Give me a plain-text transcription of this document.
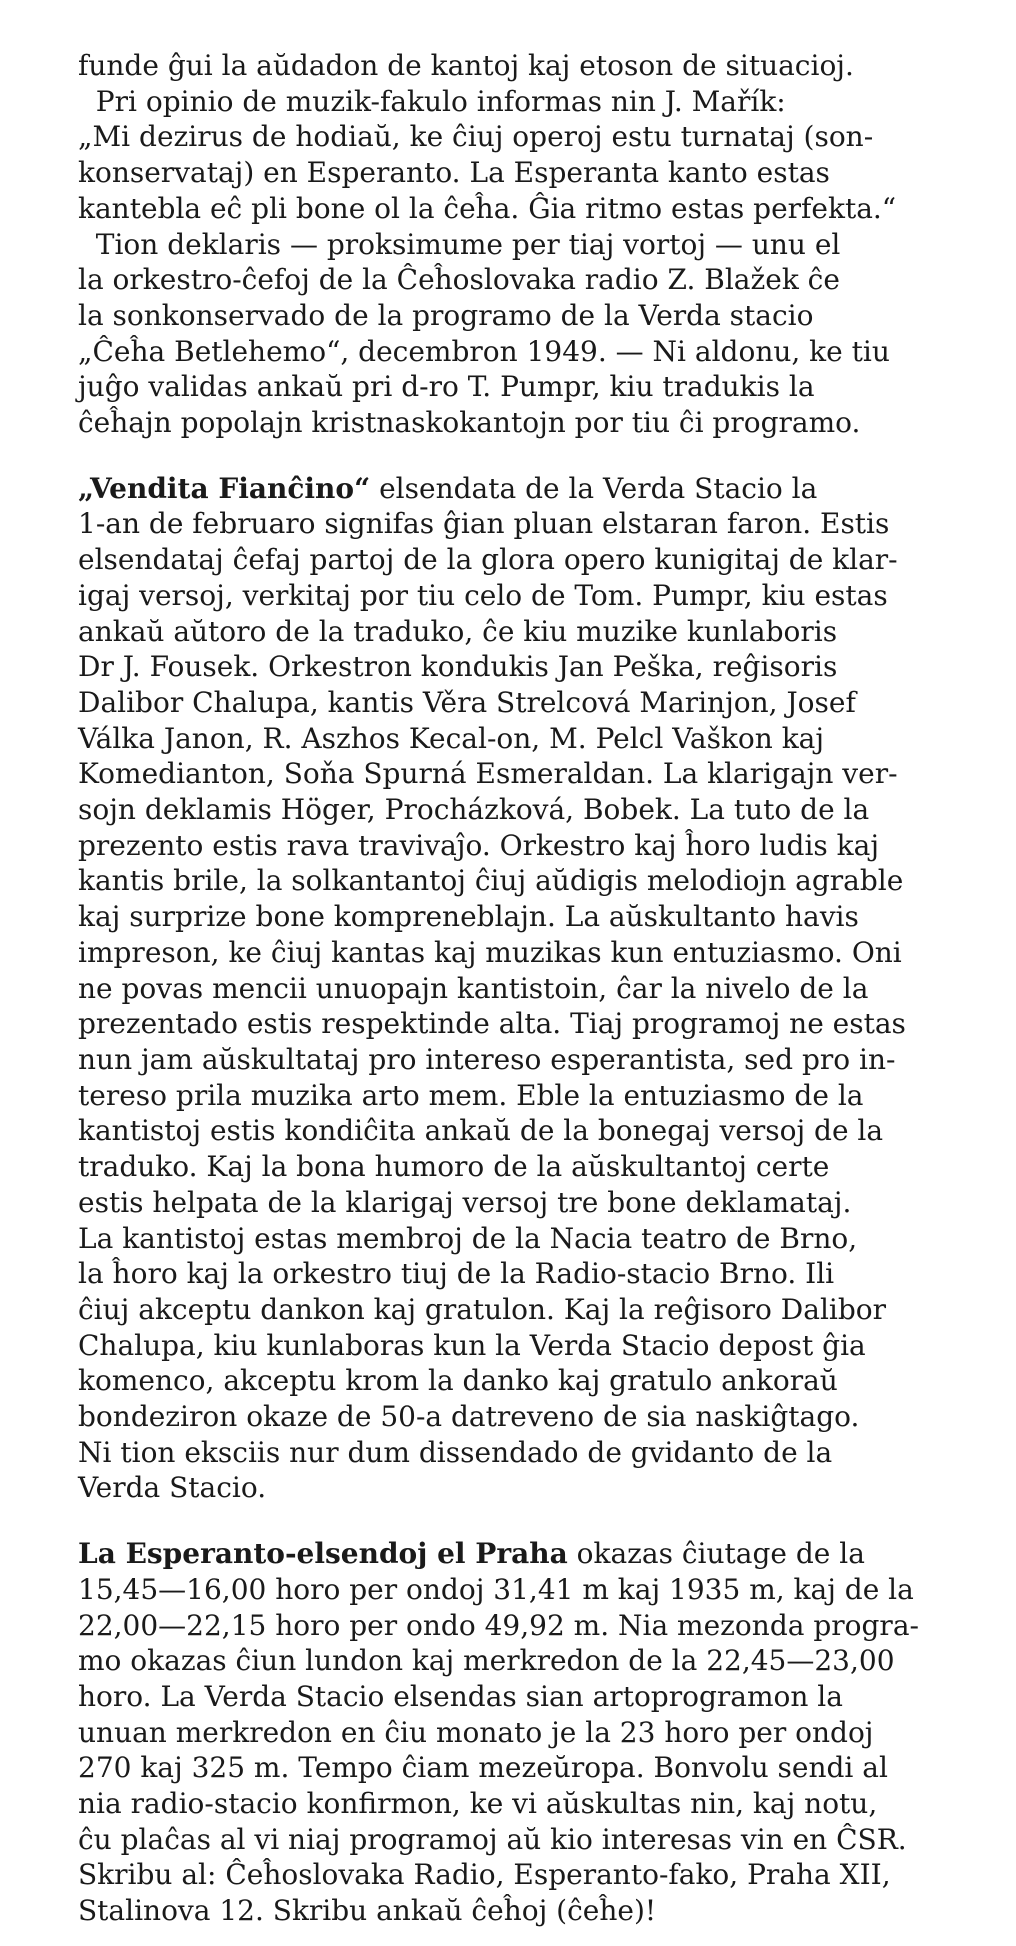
funde ĝui la aŭdadon de kantoj kaj etoson de situacioj.
Pri opinio de muzik-fakulo informas nin J. Mařík:
„Mi dezirus de hodiaŭ, ke ĉiuj operoj estu turnataj (son-
konservataj) en Esperanto. La Esperanta kanto estas
kantebla eĉ pli bone ol la ĉeĥa. Ĝia ritmo estas perfekta.“
Tion deklaris — proksimume per tiaj vortoj — unu el
la orkestro-ĉefoj de la Ĉeĥoslovaka radio Z. Blažek ĉe
la sonkonservado de la programo de la Verda stacio
„Ĉeĥa Betlehemo“, decembron 1949. — Ni aldonu, ke tiu
juĝo validas ankaŭ pri d-ro T. Pumpr, kiu tradukis la
ĉeĥajn popolajn kristnaskokantojn por tiu ĉi programo.
„Vendita Fianĉino“ elsendata de la Verda Stacio la
1-an de februaro signifas ĝian pluan elstaran faron. Estis
elsendataj ĉefaj partoj de la glora opero kunigitaj de klar-
igaj versoj, verkitaj por tiu celo de Tom. Pumpr, kiu estas
ankaŭ aŭtoro de la traduko, ĉe kiu muzike kunlaboris
Dr J. Fousek. Orkestron kondukis Jan Peška, reĝisoris
Dalibor Chalupa, kantis Věra Strelcová Marinjon, Josef
Válka Janon, R. Aszhos Kecal-on, M. Pelcl Vaškon kaj
Komedianton, Soňa Spurná Esmeraldan. La klarigajn ver-
sojn deklamis Höger, Procházková, Bobek. La tuto de la
prezento estis rava travivaĵo. Orkestro kaj ĥoro ludis kaj
kantis brile, la solkantantoj ĉiuj aŭdigis melodiojn agrable
kaj surprize bone kompreneblajn. La aŭskultanto havis
impreson, ke ĉiuj kantas kaj muzikas kun entuziasmo. Oni
ne povas mencii unuopajn kantistoin, ĉar la nivelo de la
prezentado estis respektinde alta. Tiaj programoj ne estas
nun jam aŭskultataj pro intereso esperantista, sed pro in-
tereso prila muzika arto mem. Eble la entuziasmo de la
kantistoj estis kondiĉita ankaŭ de la bonegaj versoj de la
traduko. Kaj la bona humoro de la aŭskultantoj certe
estis helpata de la klarigaj versoj tre bone deklamataj.
La kantistoj estas membroj de la Nacia teatro de Brno,
la ĥoro kaj la orkestro tiuj de la Radio-stacio Brno. Ili
ĉiuj akceptu dankon kaj gratulon. Kaj la reĝisoro Dalibor
Chalupa, kiu kunlaboras kun la Verda Stacio depost ĝia
komenco, akceptu krom la danko kaj gratulo ankoraŭ
bondeziron okaze de 50-a datreveno de sia naskiĝtago.
Ni tion eksciis nur dum dissendado de gvidanto de la
Verda Stacio.
La Esperanto-elsendoj el Praha okazas ĉiutage de la
15,45—16,00 horo per ondoj 31,41 m kaj 1935 m, kaj de la
22,00—22,15 horo per ondo 49,92 m. Nia mezonda progra-
mo okazas ĉiun lundon kaj merkredon de la 22,45—23,00
horo. La Verda Stacio elsendas sian artoprogramon la
unuan merkredon en ĉiu monato je la 23 horo per ondoj
270 kaj 325 m. Tempo ĉiam mezeŭropa. Bonvolu sendi al
nia radio-stacio konfirmon, ke vi aŭskultas nin, kaj notu,
ĉu plaĉas al vi niaj programoj aŭ kio interesas vin en ĈSR.
Skribu al: Ĉeĥoslovaka Radio, Esperanto-fako, Praha XII,
Stalinova 12. Skribu ankaŭ ĉeĥoj (ĉeĥe)!
